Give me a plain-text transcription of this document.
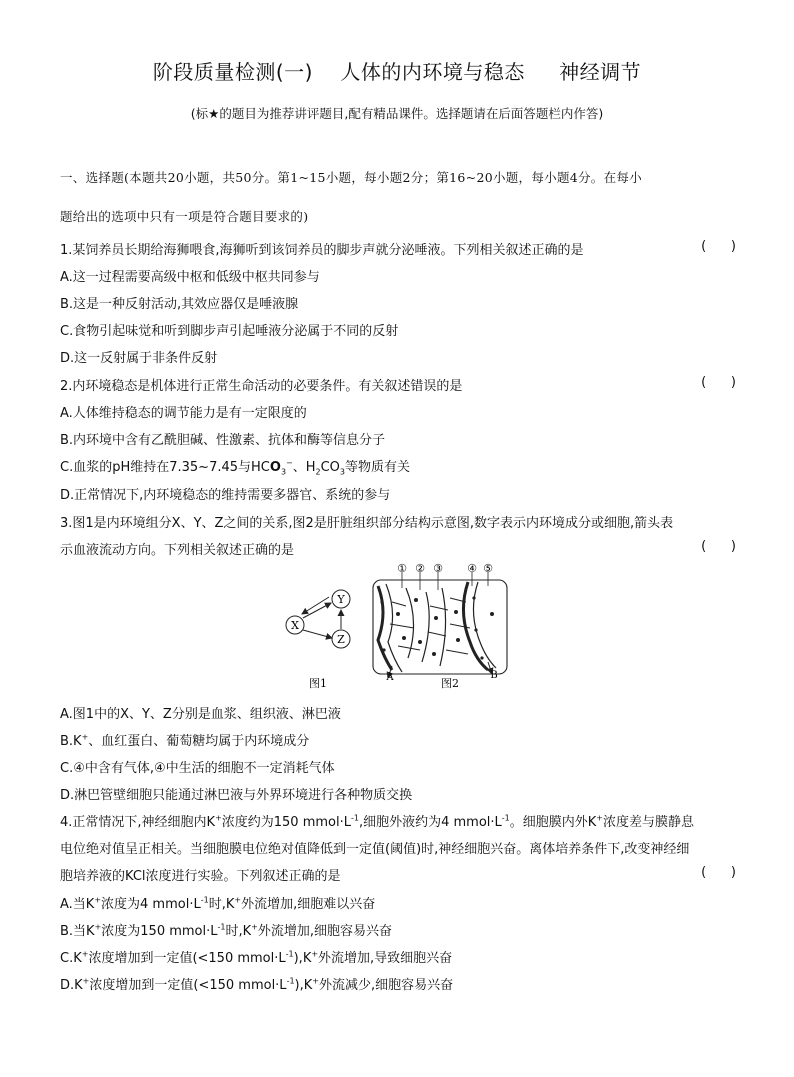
阶段质量检测(一)    人体的内环境与稳态     神经调节
(标★的题目为推荐讲评题目,配有精品课件。选择题请在后面答题栏内作答)
一、选择题(本题共20小题，共50分。第1~15小题，每小题2分；第16~20小题，每小题4分。在每小
题给出的选项中只有一项是符合题目要求的)
1.某饲养员长期给海狮喂食,海狮听到该饲养员的脚步声就分泌唾液。下列相关叙述正确的是	(      )
A.这一过程需要高级中枢和低级中枢共同参与
B.这是一种反射活动,其效应器仅是唾液腺
C.食物引起味觉和听到脚步声引起唾液分泌属于不同的反射
D.这一反射属于非条件反射
2.内环境稳态是机体进行正常生命活动的必要条件。有关叙述错误的是	(      )
A.人体维持稳态的调节能力是有一定限度的
B.内环境中含有乙酰胆碱、性激素、抗体和酶等信息分子
C.血浆的pH维持在7.35~7.45与$HCO_3^-$、$H_2CO_3$等物质有关
D.正常情况下,内环境稳态的维持需要多器官、系统的参与
3.图1是内环境组分X、Y、Z之间的关系,图2是肝脏组织部分结构示意图,数字表示内环境成分或细胞,箭头表
示血液流动方向。下列相关叙述正确的是	(      )
X
Y
Z
图1
① ② ③ ④ ⑤
A	B
图2
A.图1中的X、Y、Z分别是血浆、组织液、淋巴液
B.K+、血红蛋白、葡萄糖均属于内环境成分
C.④中含有气体,④中生活的细胞不一定消耗气体
D.淋巴管壁细胞只能通过淋巴液与外界环境进行各种物质交换
4.正常情况下,神经细胞内K+浓度约为150 $mmol\cdot L^{-1}$,细胞外液约为4 $mmol\cdot L^{-1}$。细胞膜内外K+浓度差与膜静息
电位绝对值呈正相关。当细胞膜电位绝对值降低到一定值(阈值)时,神经细胞兴奋。离体培养条件下,改变神经细
胞培养液的KCl浓度进行实验。下列叙述正确的是	(      )
A.当K+浓度为4 $mmol\cdot L^{-1}$时,K+外流增加,细胞难以兴奋
B.当K+浓度为150 $mmol\cdot L^{-1}$时,K+外流增加,细胞容易兴奋
C.K+浓度增加到一定值(<150 $mmol\cdot L^{-1}),K^+$外流增加,导致细胞兴奋
D.K+浓度增加到一定值(<150 $mmol\cdot L^{-1}),K^+$外流减少,细胞容易兴奋
